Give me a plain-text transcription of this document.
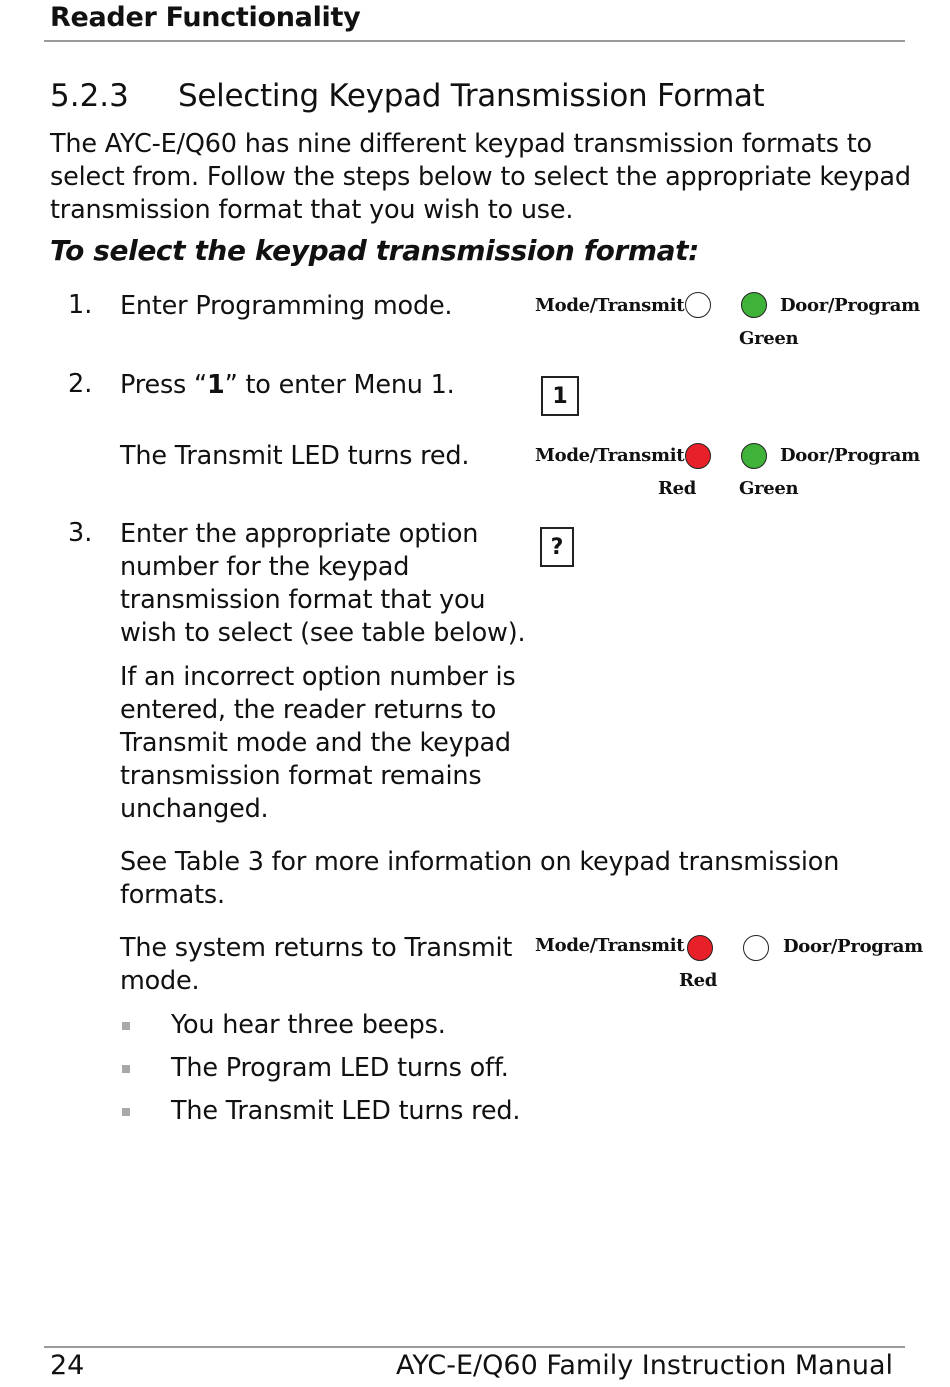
Reader Functionality
5.2.3 Selecting Keypad Transmission Format
The AYC-E/Q60 has nine different keypad transmission formats to
select from. Follow the steps below to select the appropriate keypad
transmission format that you wish to use.
To select the keypad transmission format:
1. Enter Programming mode.	Mode/Transmit	Door/Program
Green
2. Press “1” to enter Menu 1.	1
The Transmit LED turns red.	Mode/Transmit	Door/Program
Red Green
3. Enter the appropriate option
number for the keypad
transmission format that you
wish to select (see table below).
?
If an incorrect option number is
entered, the reader returns to
Transmit mode and the keypad
transmission format remains
unchanged.
See Table 3 for more information on keypad transmission
formats.
The system returns to Transmit
mode.
Mode/Transmit	Door/Program
Red
You hear three beeps.
The Program LED turns off.
The Transmit LED turns red.
24	AYC-E/Q60 Family Instruction Manual
